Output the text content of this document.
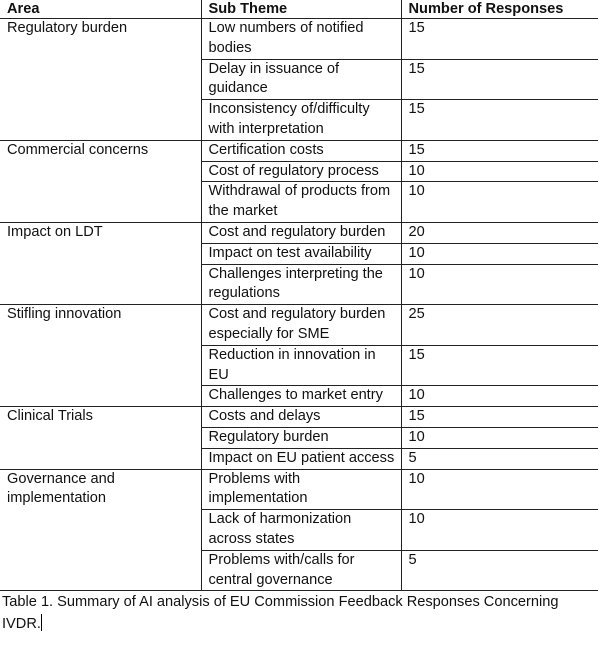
Area	Sub Theme	Number of Responses
Regulatory burden	Low numbers of notified bodies	15
	Delay in issuance of guidance	15
	Inconsistency of/difficulty with interpretation	15
Commercial concerns	Certification costs	15
	Cost of regulatory process	10
	Withdrawal of products from the market	10
Impact on LDT	Cost and regulatory burden	20
	Impact on test availability	10
	Challenges interpreting the regulations	10
Stifling innovation	Cost and regulatory burden especially for SME	25
	Reduction in innovation in EU	15
	Challenges to market entry	10
Clinical Trials	Costs and delays	15
	Regulatory burden	10
	Impact on EU patient access	5
Governance and implementation	Problems with implementation	10
	Lack of harmonization across states	10
	Problems with/calls for central governance	5
Table 1. Summary of AI analysis of EU Commission Feedback Responses Concerning IVDR.
